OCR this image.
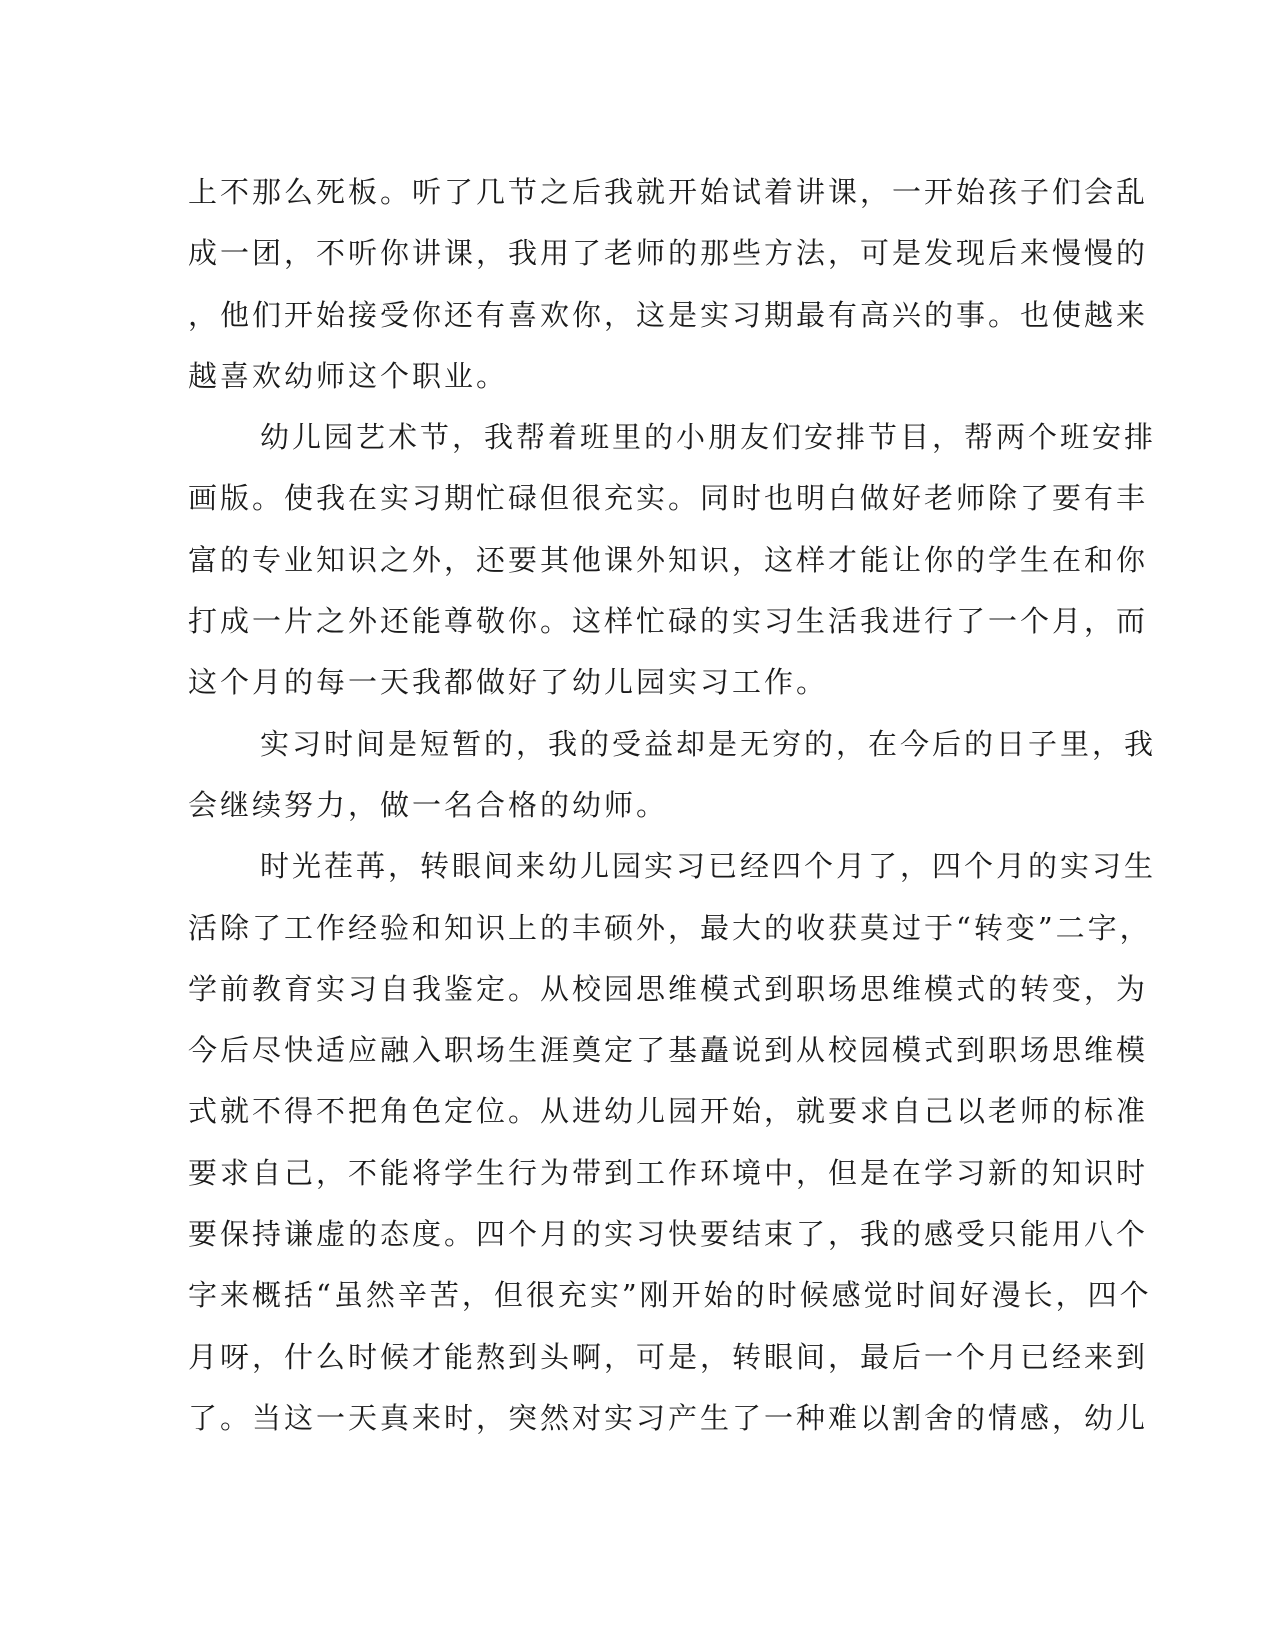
上不那么死板。听了几节之后我就开始试着讲课，一开始孩子们会乱
成一团，不听你讲课，我用了老师的那些方法，可是发现后来慢慢的
，他们开始接受你还有喜欢你，这是实习期最有高兴的事。也使越来
越喜欢幼师这个职业。
幼儿园艺术节，我帮着班里的小朋友们安排节目，帮两个班安排
画版。使我在实习期忙碌但很充实。同时也明白做好老师除了要有丰
富的专业知识之外，还要其他课外知识，这样才能让你的学生在和你
打成一片之外还能尊敬你。这样忙碌的实习生活我进行了一个月，而
这个月的每一天我都做好了幼儿园实习工作。
实习时间是短暂的，我的受益却是无穷的，在今后的日子里，我
会继续努力，做一名合格的幼师。
时光茬苒，转眼间来幼儿园实习已经四个月了，四个月的实习生
活除了工作经验和知识上的丰硕外，最大的收获莫过于“转变”二字，
学前教育实习自我鉴定。从校园思维模式到职场思维模式的转变，为
今后尽快适应融入职场生涯奠定了基矗说到从校园模式到职场思维模
式就不得不把角色定位。从进幼儿园开始，就要求自己以老师的标准
要求自己，不能将学生行为带到工作环境中，但是在学习新的知识时
要保持谦虚的态度。四个月的实习快要结束了，我的感受只能用八个
字来概括“虽然辛苦，但很充实”刚开始的时候感觉时间好漫长，四个
月呀，什么时候才能熬到头啊，可是，转眼间，最后一个月已经来到
了。当这一天真来时，突然对实习产生了一种难以割舍的情感，幼儿
